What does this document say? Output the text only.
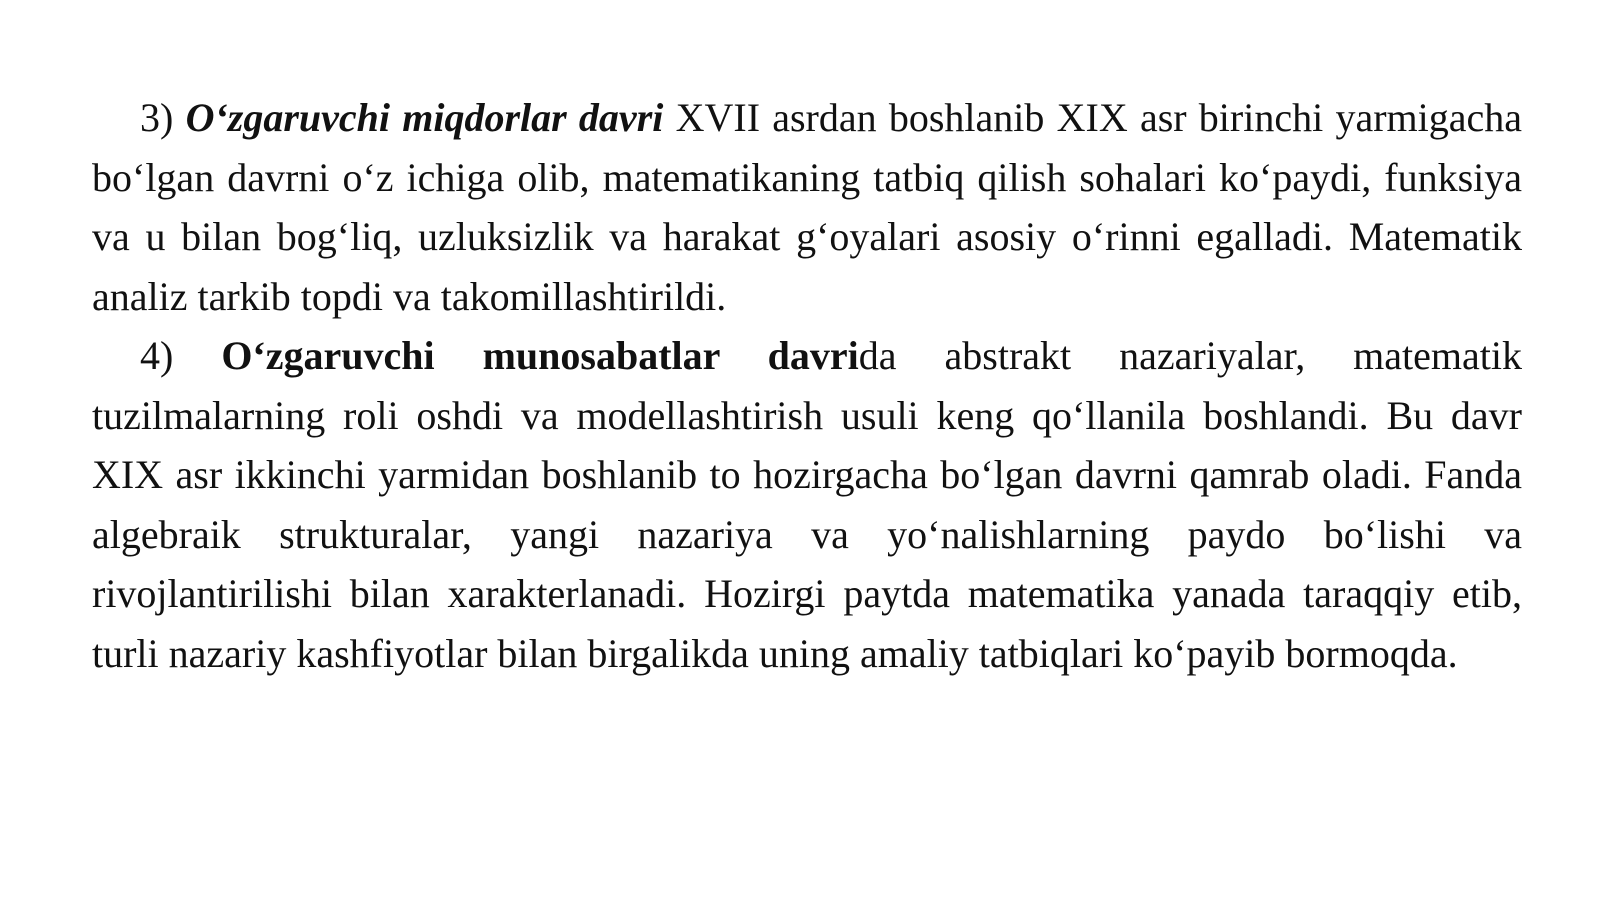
3) O‘zgaruvchi miqdorlar davri XVII asrdan boshlanib XIX asr birinchi yarmigacha bo‘lgan davrni o‘z ichiga olib, matematikaning tatbiq qilish sohalari ko‘paydi, funksiya va u bilan bog‘liq, uzluksizlik va harakat g‘oyalari asosiy o‘rinni egalladi. Matematik analiz tarkib topdi va takomillashtirildi.

4) O‘zgaruvchi munosabatlar davrida abstrakt nazariyalar, matematik tuzilmalarning roli oshdi va modellashtirish usuli keng qo‘llanila boshlandi. Bu davr XIX asr ikkinchi yarmidan boshlanib to hozirgacha bo‘lgan davrni qamrab oladi. Fanda algebraik strukturalar, yangi nazariya va yo‘nalishlarning paydo bo‘lishi va rivojlantirilishi bilan xarakterlanadi. Hozirgi paytda matematika yanada taraqqiy etib, turli nazariy kashfiyotlar bilan birgalikda uning amaliy tatbiqlari ko‘payib bormoqda.
